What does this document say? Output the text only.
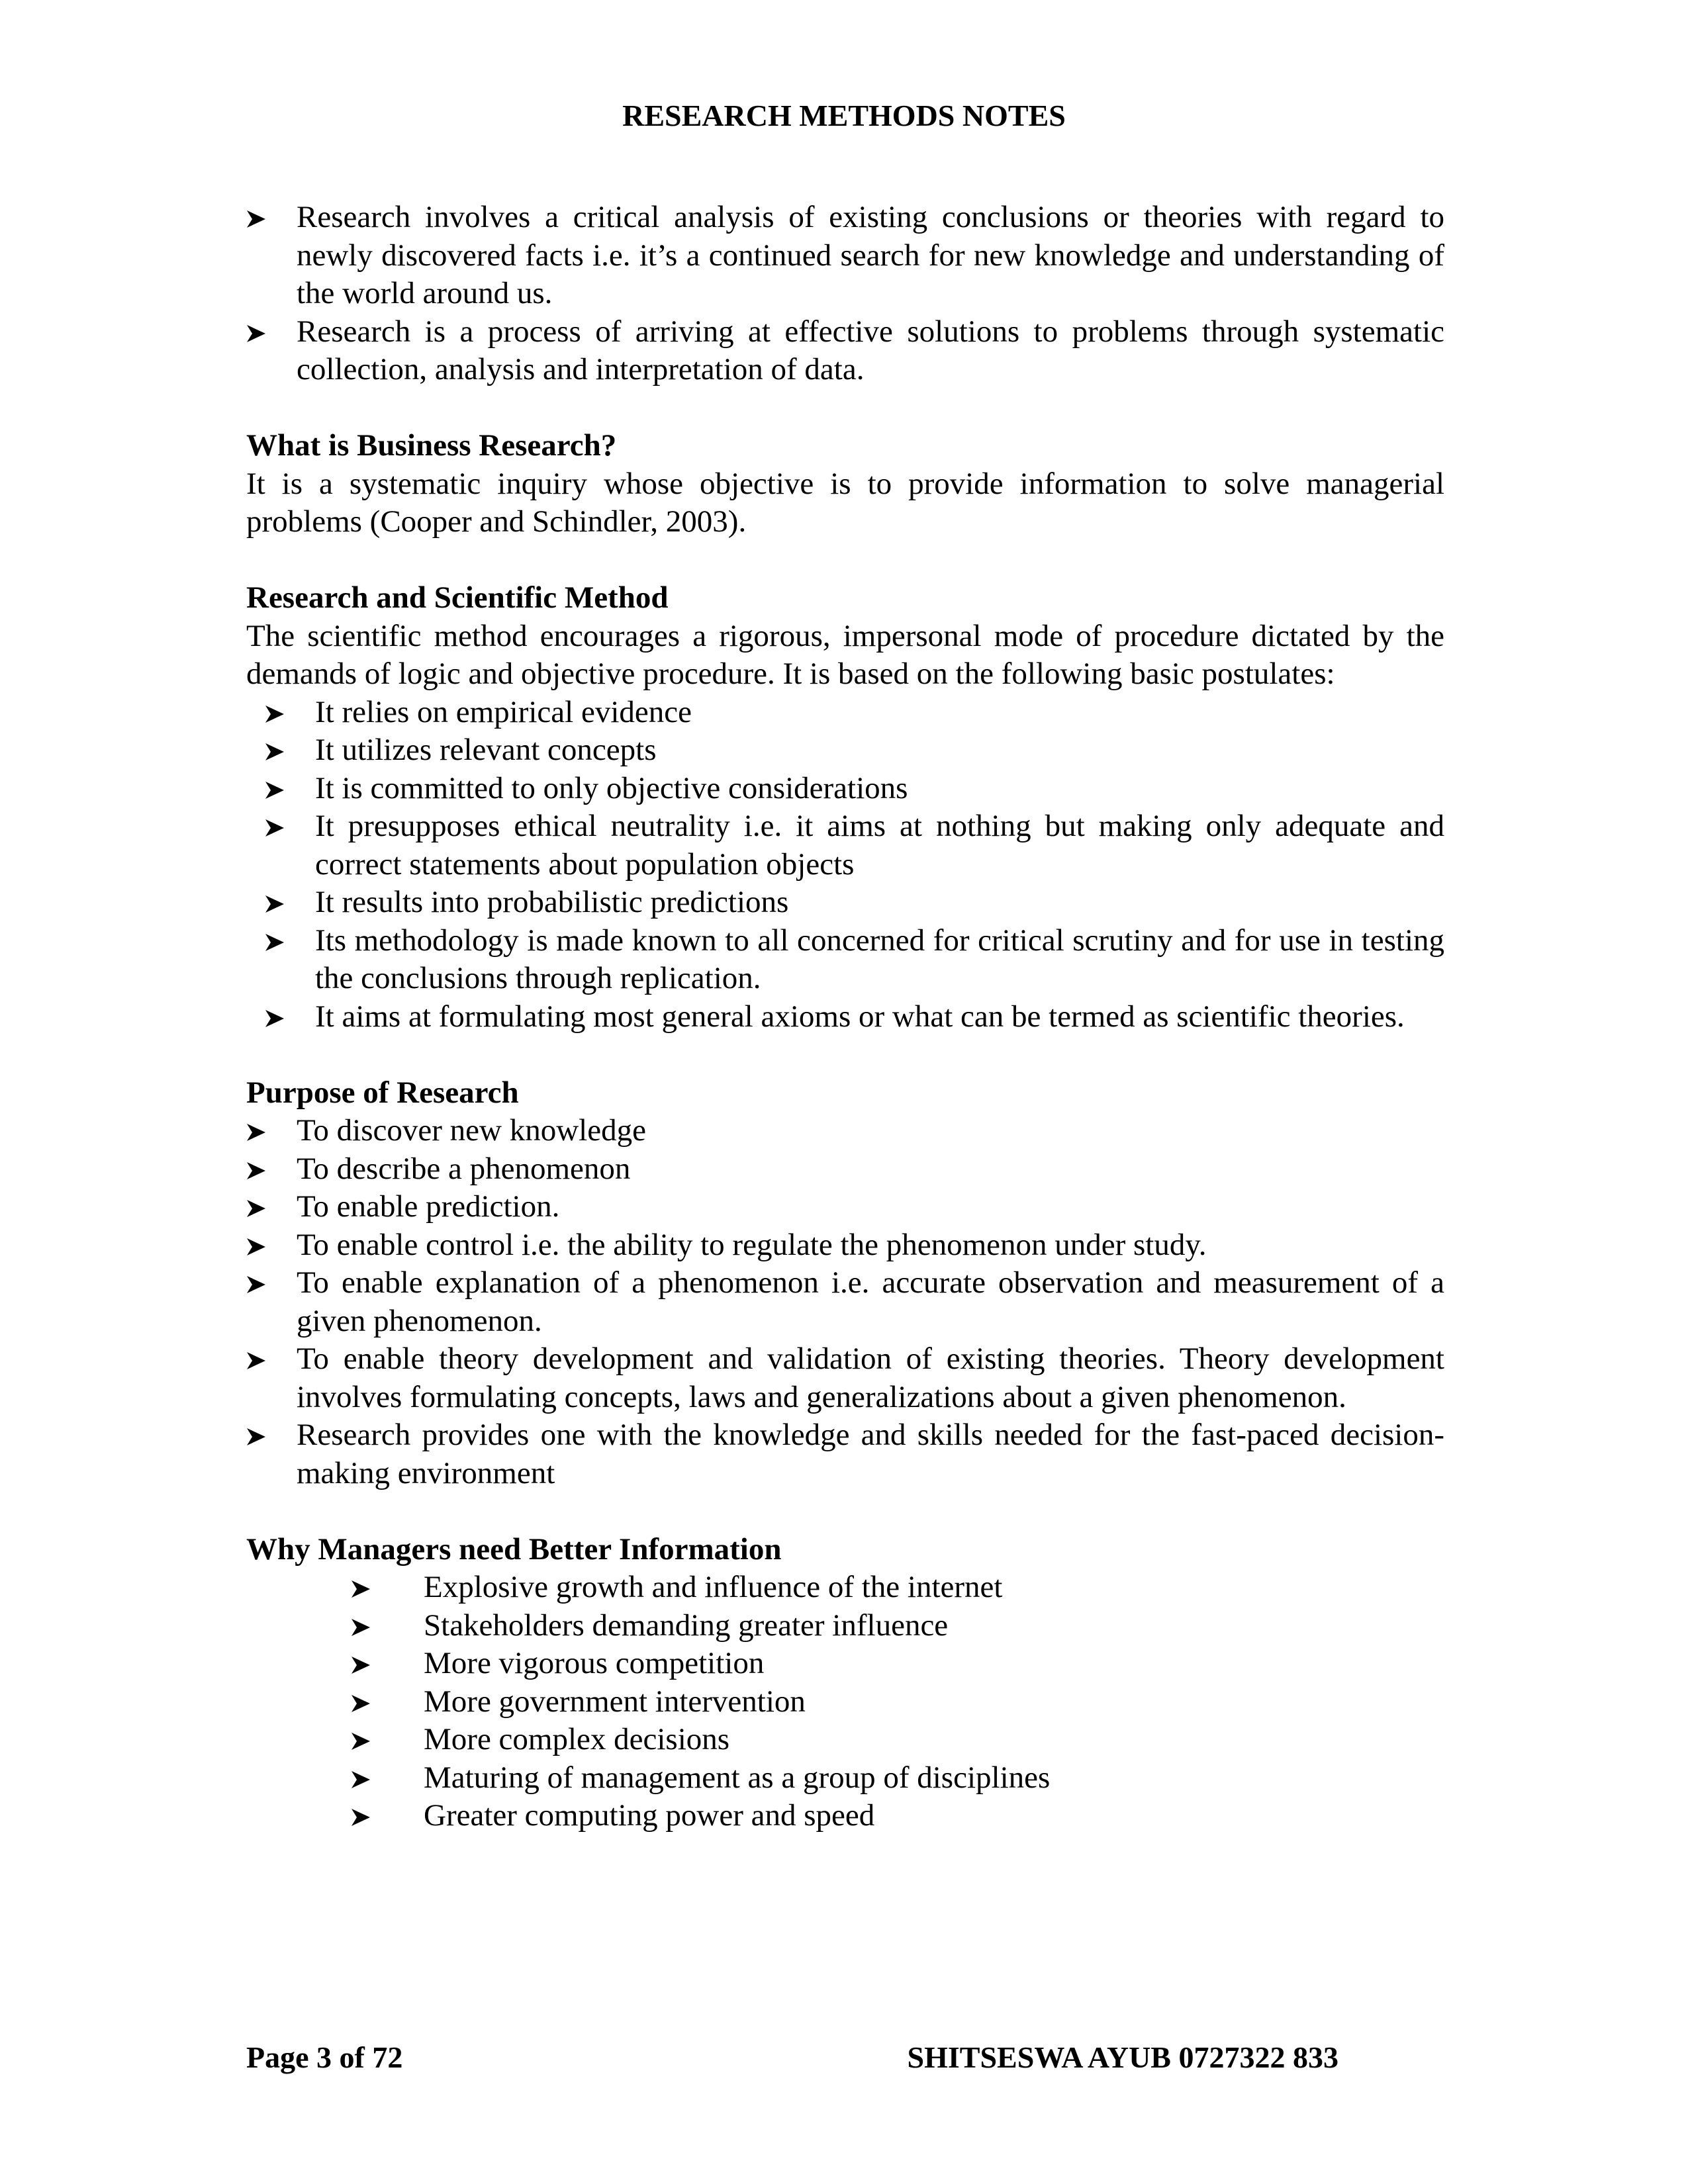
RESEARCH METHODS NOTES
Research involves a critical analysis of existing conclusions or theories with regard to newly discovered facts i.e. it’s a continued search for new knowledge and understanding of the world around us.
Research is a process of arriving at effective solutions to problems through systematic collection, analysis and interpretation of data.

What is Business Research?

It is a systematic inquiry whose objective is to provide information to solve managerial problems (Cooper and Schindler, 2003).

Research and Scientific Method

The scientific method encourages a rigorous, impersonal mode of procedure dictated by the demands of logic and objective procedure. It is based on the following basic postulates:

It relies on empirical evidence
It utilizes relevant concepts
It is committed to only objective considerations
It presupposes ethical neutrality i.e. it aims at nothing but making only adequate and correct statements about population objects
It results into probabilistic predictions
Its methodology is made known to all concerned for critical scrutiny and for use in testing the conclusions through replication.
It aims at formulating most general axioms or what can be termed as scientific theories.

Purpose of Research

To discover new knowledge
To describe a phenomenon
To enable prediction.
To enable control i.e. the ability to regulate the phenomenon under study.
To enable explanation of a phenomenon i.e. accurate observation and measurement of a given phenomenon.
To enable theory development and validation of existing theories. Theory development involves formulating concepts, laws and generalizations about a given phenomenon.
Research provides one with the knowledge and skills needed for the fast-paced decision-making environment

Why Managers need Better Information

Explosive growth and influence of the internet
Stakeholders demanding greater influence
More vigorous competition
More government intervention
More complex decisions
Maturing of management as a group of disciplines
Greater computing power and speed
Page 3 of 72	SHITSESWA AYUB 0727322 833
